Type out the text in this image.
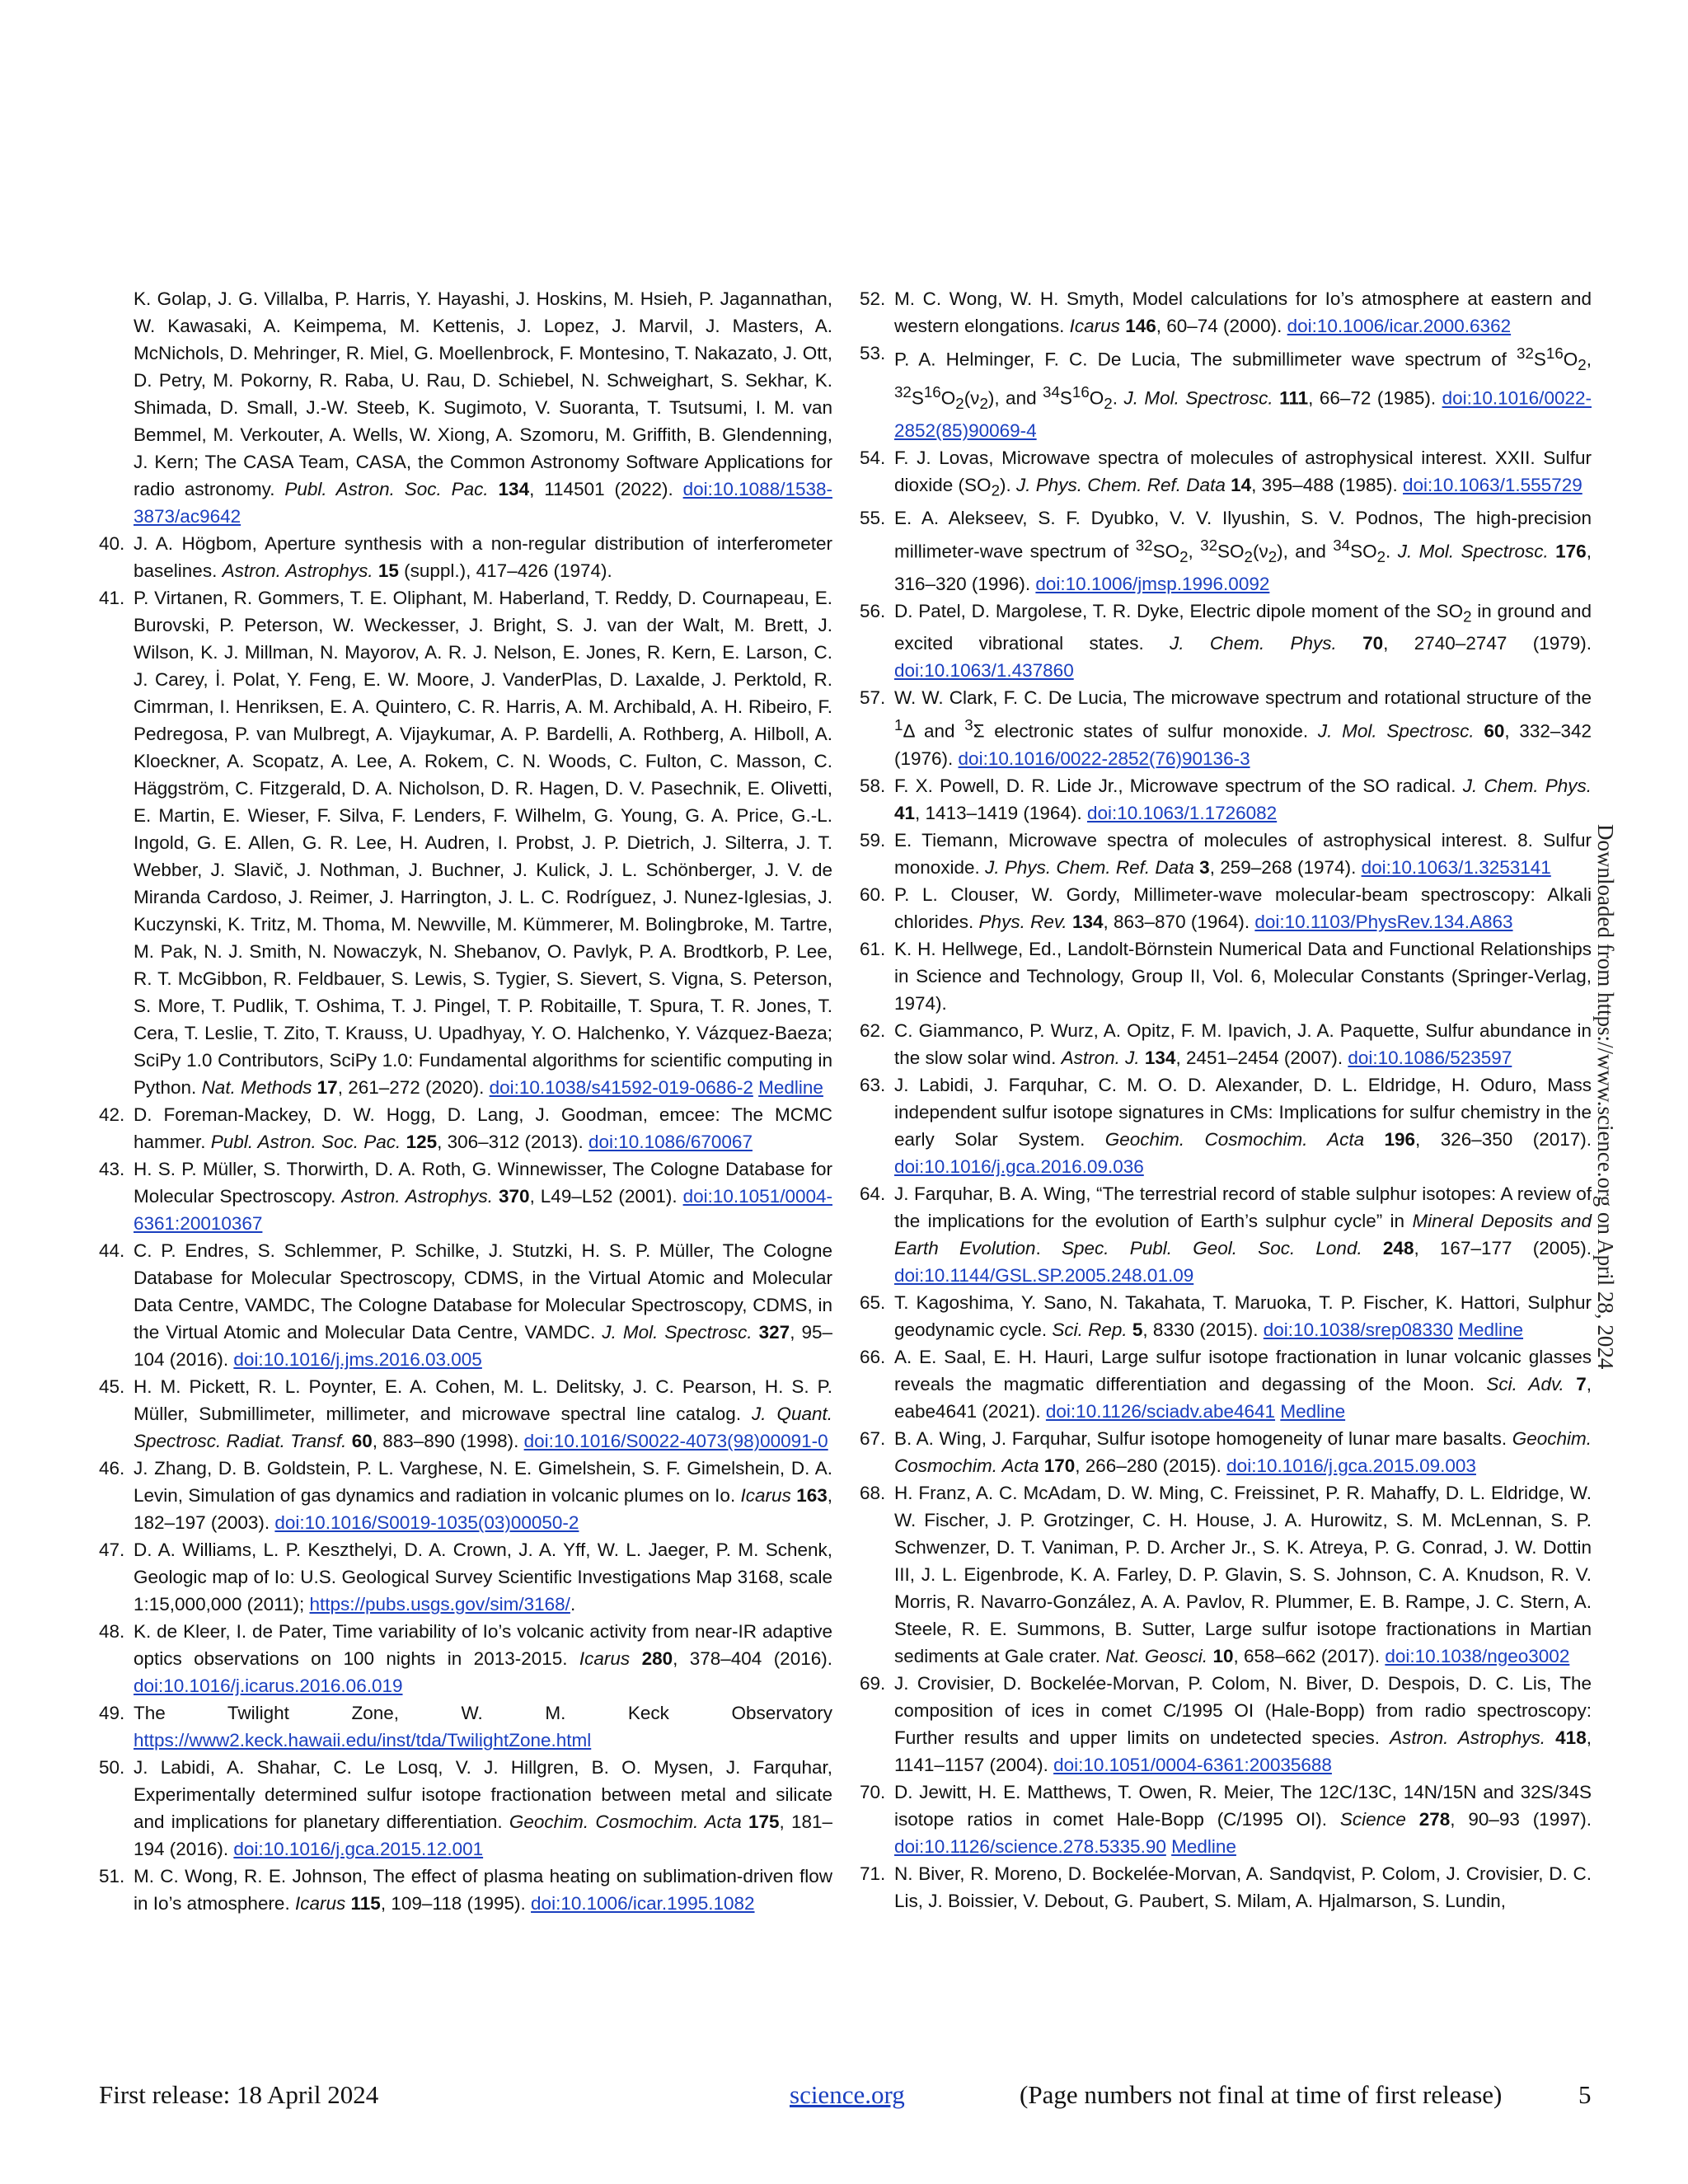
K. Golap, J. G. Villalba, P. Harris, Y. Hayashi, J. Hoskins, M. Hsieh, P. Jagannathan, W. Kawasaki, A. Keimpema, M. Kettenis, J. Lopez, J. Marvil, J. Masters, A. McNichols, D. Mehringer, R. Miel, G. Moellenbrock, F. Montesino, T. Nakazato, J. Ott, D. Petry, M. Pokorny, R. Raba, U. Rau, D. Schiebel, N. Schweighart, S. Sekhar, K. Shimada, D. Small, J.-W. Steeb, K. Sugimoto, V. Suoranta, T. Tsutsumi, I. M. van Bemmel, M. Verkouter, A. Wells, W. Xiong, A. Szomoru, M. Griffith, B. Glendenning, J. Kern; The CASA Team, CASA, the Common Astronomy Software Applications for radio astronomy. Publ. Astron. Soc. Pac. 134, 114501 (2022). doi:10.1088/1538-3873/ac9642
40. J. A. Högbom, Aperture synthesis with a non-regular distribution of interferometer baselines. Astron. Astrophys. 15 (suppl.), 417–426 (1974).
41. P. Virtanen, R. Gommers, T. E. Oliphant, M. Haberland, T. Reddy, D. Cournapeau, E. Burovski, P. Peterson, W. Weckesser, J. Bright, S. J. van der Walt, M. Brett, J. Wilson, K. J. Millman, N. Mayorov, A. R. J. Nelson, E. Jones, R. Kern, E. Larson, C. J. Carey, İ. Polat, Y. Feng, E. W. Moore, J. VanderPlas, D. Laxalde, J. Perktold, R. Cimrman, I. Henriksen, E. A. Quintero, C. R. Harris, A. M. Archibald, A. H. Ribeiro, F. Pedregosa, P. van Mulbregt, A. Vijaykumar, A. P. Bardelli, A. Rothberg, A. Hilboll, A. Kloeckner, A. Scopatz, A. Lee, A. Rokem, C. N. Woods, C. Fulton, C. Masson, C. Häggström, C. Fitzgerald, D. A. Nicholson, D. R. Hagen, D. V. Pasechnik, E. Olivetti, E. Martin, E. Wieser, F. Silva, F. Lenders, F. Wilhelm, G. Young, G. A. Price, G.-L. Ingold, G. E. Allen, G. R. Lee, H. Audren, I. Probst, J. P. Dietrich, J. Silterra, J. T. Webber, J. Slavič, J. Nothman, J. Buchner, J. Kulick, J. L. Schönberger, J. V. de Miranda Cardoso, J. Reimer, J. Harrington, J. L. C. Rodríguez, J. Nunez-Iglesias, J. Kuczynski, K. Tritz, M. Thoma, M. Newville, M. Kümmerer, M. Bolingbroke, M. Tartre, M. Pak, N. J. Smith, N. Nowaczyk, N. Shebanov, O. Pavlyk, P. A. Brodtkorb, P. Lee, R. T. McGibbon, R. Feldbauer, S. Lewis, S. Tygier, S. Sievert, S. Vigna, S. Peterson, S. More, T. Pudlik, T. Oshima, T. J. Pingel, T. P. Robitaille, T. Spura, T. R. Jones, T. Cera, T. Leslie, T. Zito, T. Krauss, U. Upadhyay, Y. O. Halchenko, Y. Vázquez-Baeza; SciPy 1.0 Contributors, SciPy 1.0: Fundamental algorithms for scientific computing in Python. Nat. Methods 17, 261–272 (2020). doi:10.1038/s41592-019-0686-2 Medline
42. D. Foreman-Mackey, D. W. Hogg, D. Lang, J. Goodman, emcee: The MCMC hammer. Publ. Astron. Soc. Pac. 125, 306–312 (2013). doi:10.1086/670067
43. H. S. P. Müller, S. Thorwirth, D. A. Roth, G. Winnewisser, The Cologne Database for Molecular Spectroscopy. Astron. Astrophys. 370, L49–L52 (2001). doi:10.1051/0004-6361:20010367
44. C. P. Endres, S. Schlemmer, P. Schilke, J. Stutzki, H. S. P. Müller, The Cologne Database for Molecular Spectroscopy, CDMS, in the Virtual Atomic and Molecular Data Centre, VAMDC, The Cologne Database for Molecular Spectroscopy, CDMS, in the Virtual Atomic and Molecular Data Centre, VAMDC. J. Mol. Spectrosc. 327, 95–104 (2016). doi:10.1016/j.jms.2016.03.005
45. H. M. Pickett, R. L. Poynter, E. A. Cohen, M. L. Delitsky, J. C. Pearson, H. S. P. Müller, Submillimeter, millimeter, and microwave spectral line catalog. J. Quant. Spectrosc. Radiat. Transf. 60, 883–890 (1998). doi:10.1016/S0022-4073(98)00091-0
46. J. Zhang, D. B. Goldstein, P. L. Varghese, N. E. Gimelshein, S. F. Gimelshein, D. A. Levin, Simulation of gas dynamics and radiation in volcanic plumes on Io. Icarus 163, 182–197 (2003). doi:10.1016/S0019-1035(03)00050-2
47. D. A. Williams, L. P. Keszthelyi, D. A. Crown, J. A. Yff, W. L. Jaeger, P. M. Schenk, Geologic map of Io: U.S. Geological Survey Scientific Investigations Map 3168, scale 1:15,000,000 (2011); https://pubs.usgs.gov/sim/3168/.
48. K. de Kleer, I. de Pater, Time variability of Io’s volcanic activity from near-IR adaptive optics observations on 100 nights in 2013-2015. Icarus 280, 378–404 (2016). doi:10.1016/j.icarus.2016.06.019
49. The Twilight Zone, W. M. Keck Observatory https://www2.keck.hawaii.edu/inst/tda/TwilightZone.html
50. J. Labidi, A. Shahar, C. Le Losq, V. J. Hillgren, B. O. Mysen, J. Farquhar, Experimentally determined sulfur isotope fractionation between metal and silicate and implications for planetary differentiation. Geochim. Cosmochim. Acta 175, 181–194 (2016). doi:10.1016/j.gca.2015.12.001
51. M. C. Wong, R. E. Johnson, The effect of plasma heating on sublimation-driven flow in Io’s atmosphere. Icarus 115, 109–118 (1995). doi:10.1006/icar.1995.1082
52. M. C. Wong, W. H. Smyth, Model calculations for Io’s atmosphere at eastern and western elongations. Icarus 146, 60–74 (2000). doi:10.1006/icar.2000.6362
53. P. A. Helminger, F. C. De Lucia, The submillimeter wave spectrum of $^{32}S^{16}O_2$, $^{32}S^{16}O_2(\nu_2)$, and $^{34}S^{16}O_2$. J. Mol. Spectrosc. 111, 66–72 (1985). doi:10.1016/0022-2852(85)90069-4
54. F. J. Lovas, Microwave spectra of molecules of astrophysical interest. XXII. Sulfur dioxide $(SO_2)$. J. Phys. Chem. Ref. Data 14, 395–488 (1985). doi:10.1063/1.555729
55. E. A. Alekseev, S. F. Dyubko, V. V. Ilyushin, S. V. Podnos, The high-precision millimeter-wave spectrum of $^{32}SO_2$, $^{32}SO_2(\nu_2)$, and $^{34}SO_2$. J. Mol. Spectrosc. 176, 316–320 (1996). doi:10.1006/jmsp.1996.0092
56. D. Patel, D. Margolese, T. R. Dyke, Electric dipole moment of the $SO_2$ in ground and excited vibrational states. J. Chem. Phys. 70, 2740–2747 (1979). doi:10.1063/1.437860
57. W. W. Clark, F. C. De Lucia, The microwave spectrum and rotational structure of the $^1$Δ and $^3$Σ electronic states of sulfur monoxide. J. Mol. Spectrosc. 60, 332–342 (1976). doi:10.1016/0022-2852(76)90136-3
58. F. X. Powell, D. R. Lide Jr., Microwave spectrum of the SO radical. J. Chem. Phys. 41, 1413–1419 (1964). doi:10.1063/1.1726082
59. E. Tiemann, Microwave spectra of molecules of astrophysical interest. 8. Sulfur monoxide. J. Phys. Chem. Ref. Data 3, 259–268 (1974). doi:10.1063/1.3253141
60. P. L. Clouser, W. Gordy, Millimeter-wave molecular-beam spectroscopy: Alkali chlorides. Phys. Rev. 134, 863–870 (1964). doi:10.1103/PhysRev.134.A863
61. K. H. Hellwege, Ed., Landolt-Börnstein Numerical Data and Functional Relationships in Science and Technology, Group II, Vol. 6, Molecular Constants (Springer-Verlag, 1974).
62. C. Giammanco, P. Wurz, A. Opitz, F. M. Ipavich, J. A. Paquette, Sulfur abundance in the slow solar wind. Astron. J. 134, 2451–2454 (2007). doi:10.1086/523597
63. J. Labidi, J. Farquhar, C. M. O. D. Alexander, D. L. Eldridge, H. Oduro, Mass independent sulfur isotope signatures in CMs: Implications for sulfur chemistry in the early Solar System. Geochim. Cosmochim. Acta 196, 326–350 (2017). doi:10.1016/j.gca.2016.09.036
64. J. Farquhar, B. A. Wing, “The terrestrial record of stable sulphur isotopes: A review of the implications for the evolution of Earth’s sulphur cycle” in Mineral Deposits and Earth Evolution. Spec. Publ. Geol. Soc. Lond. 248, 167–177 (2005). doi:10.1144/GSL.SP.2005.248.01.09
65. T. Kagoshima, Y. Sano, N. Takahata, T. Maruoka, T. P. Fischer, K. Hattori, Sulphur geodynamic cycle. Sci. Rep. 5, 8330 (2015). doi:10.1038/srep08330 Medline
66. A. E. Saal, E. H. Hauri, Large sulfur isotope fractionation in lunar volcanic glasses reveals the magmatic differentiation and degassing of the Moon. Sci. Adv. 7, eabe4641 (2021). doi:10.1126/sciadv.abe4641 Medline
67. B. A. Wing, J. Farquhar, Sulfur isotope homogeneity of lunar mare basalts. Geochim. Cosmochim. Acta 170, 266–280 (2015). doi:10.1016/j.gca.2015.09.003
68. H. Franz, A. C. McAdam, D. W. Ming, C. Freissinet, P. R. Mahaffy, D. L. Eldridge, W. W. Fischer, J. P. Grotzinger, C. H. House, J. A. Hurowitz, S. M. McLennan, S. P. Schwenzer, D. T. Vaniman, P. D. Archer Jr., S. K. Atreya, P. G. Conrad, J. W. Dottin III, J. L. Eigenbrode, K. A. Farley, D. P. Glavin, S. S. Johnson, C. A. Knudson, R. V. Morris, R. Navarro-González, A. A. Pavlov, R. Plummer, E. B. Rampe, J. C. Stern, A. Steele, R. E. Summons, B. Sutter, Large sulfur isotope fractionations in Martian sediments at Gale crater. Nat. Geosci. 10, 658–662 (2017). doi:10.1038/ngeo3002
69. J. Crovisier, D. Bockelée-Morvan, P. Colom, N. Biver, D. Despois, D. C. Lis, The composition of ices in comet C/1995 OI (Hale-Bopp) from radio spectroscopy: Further results and upper limits on undetected species. Astron. Astrophys. 418, 1141–1157 (2004). doi:10.1051/0004-6361:20035688
70. D. Jewitt, H. E. Matthews, T. Owen, R. Meier, The 12C/13C, 14N/15N and 32S/34S isotope ratios in comet Hale-Bopp (C/1995 OI). Science 278, 90–93 (1997). doi:10.1126/science.278.5335.90 Medline
71. N. Biver, R. Moreno, D. Bockelée-Morvan, A. Sandqvist, P. Colom, J. Crovisier, D. C. Lis, J. Boissier, V. Debout, G. Paubert, S. Milam, A. Hjalmarson, S. Lundin,
Downloaded from https://www.science.org on April 28, 2024
First release: 18 April 2024	science.org	(Page numbers not final at time of first release)	5
